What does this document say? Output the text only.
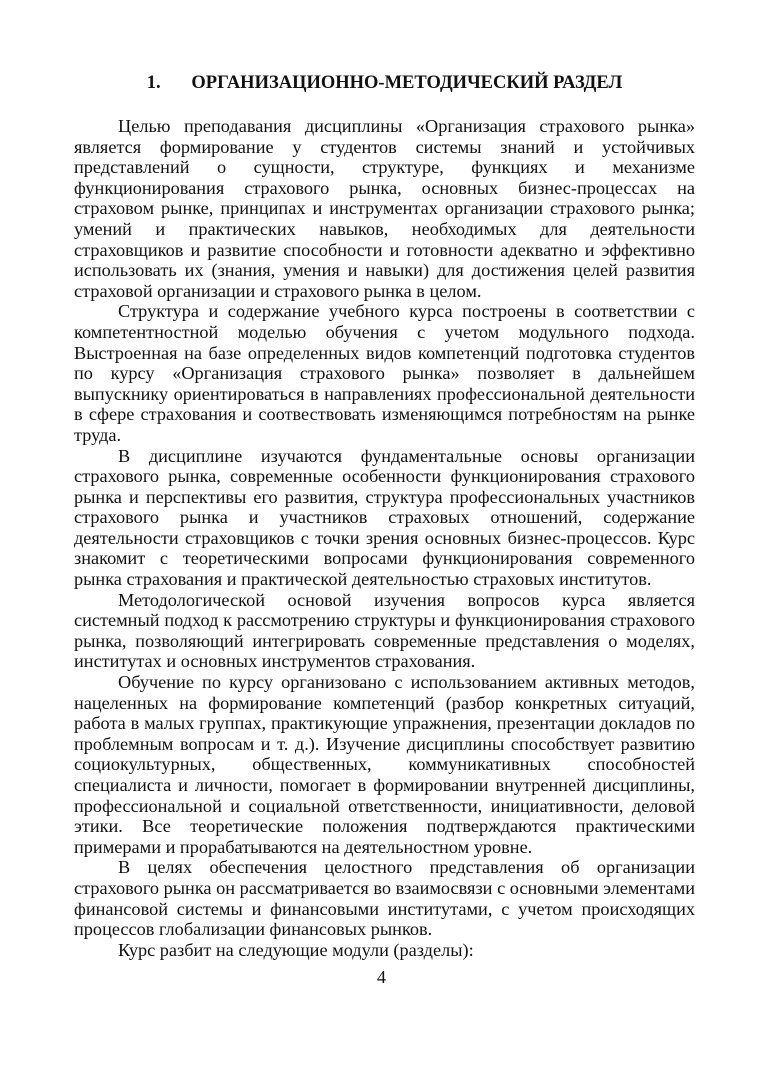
1. ОРГАНИЗАЦИОННО-МЕТОДИЧЕСКИЙ РАЗДЕЛ

Целью преподавания дисциплины «Организация страхового рынка» является формирование у студентов системы знаний и устойчивых представлений о сущности, структуре, функциях и механизме функционирования страхового рынка, основных бизнес-процессах на страховом рынке, принципах и инструментах организации страхового рынка; умений и практических навыков, необходимых для деятельности страховщиков и развитие способности и готовности адекватно и эффективно использовать их (знания, умения и навыки) для достижения целей развития страховой организации и страхового рынка в целом.

Структура и содержание учебного курса построены в соответствии с компетентностной моделью обучения с учетом модульного подхода. Выстроенная на базе определенных видов компетенций подготовка студентов по курсу «Организация страхового рынка» позволяет в дальнейшем выпускнику ориентироваться в направлениях профессиональной деятельности в сфере страхования и соотвествовать изменяющимся потребностям на рынке труда.

В дисциплине изучаются фундаментальные основы организации страхового рынка, современные особенности функционирования страхового рынка и перспективы его развития, структура профессиональных участников страхового рынка и участников страховых отношений, содержание деятельности страховщиков с точки зрения основных бизнес-процессов. Курс знакомит с теоретическими вопросами функционирования современного рынка страхования и практической деятельностью страховых институтов.

Методологической основой изучения вопросов курса является системный подход к рассмотрению структуры и функционирования страхового рынка, позволяющий интегрировать современные представления о моделях, институтах и основных инструментов страхования.

Обучение по курсу организовано с использованием активных методов, нацеленных на формирование компетенций (разбор конкретных ситуаций, работа в малых группах, практикующие упражнения, презентации докладов по проблемным вопросам и т. д.). Изучение дисциплины способствует развитию социокультурных, общественных, коммуникативных способностей специалиста и личности, помогает в формировании внутренней дисциплины, профессиональной и социальной ответственности, инициативности, деловой этики. Все теоретические положения подтверждаются практическими примерами и прорабатываются на деятельностном уровне.

В целях обеспечения целостного представления об организации страхового рынка он рассматривается во взаимосвязи с основными элементами финансовой системы и финансовыми институтами, с учетом происходящих процессов глобализации финансовых рынков.

Курс разбит на следующие модули (разделы):

4
